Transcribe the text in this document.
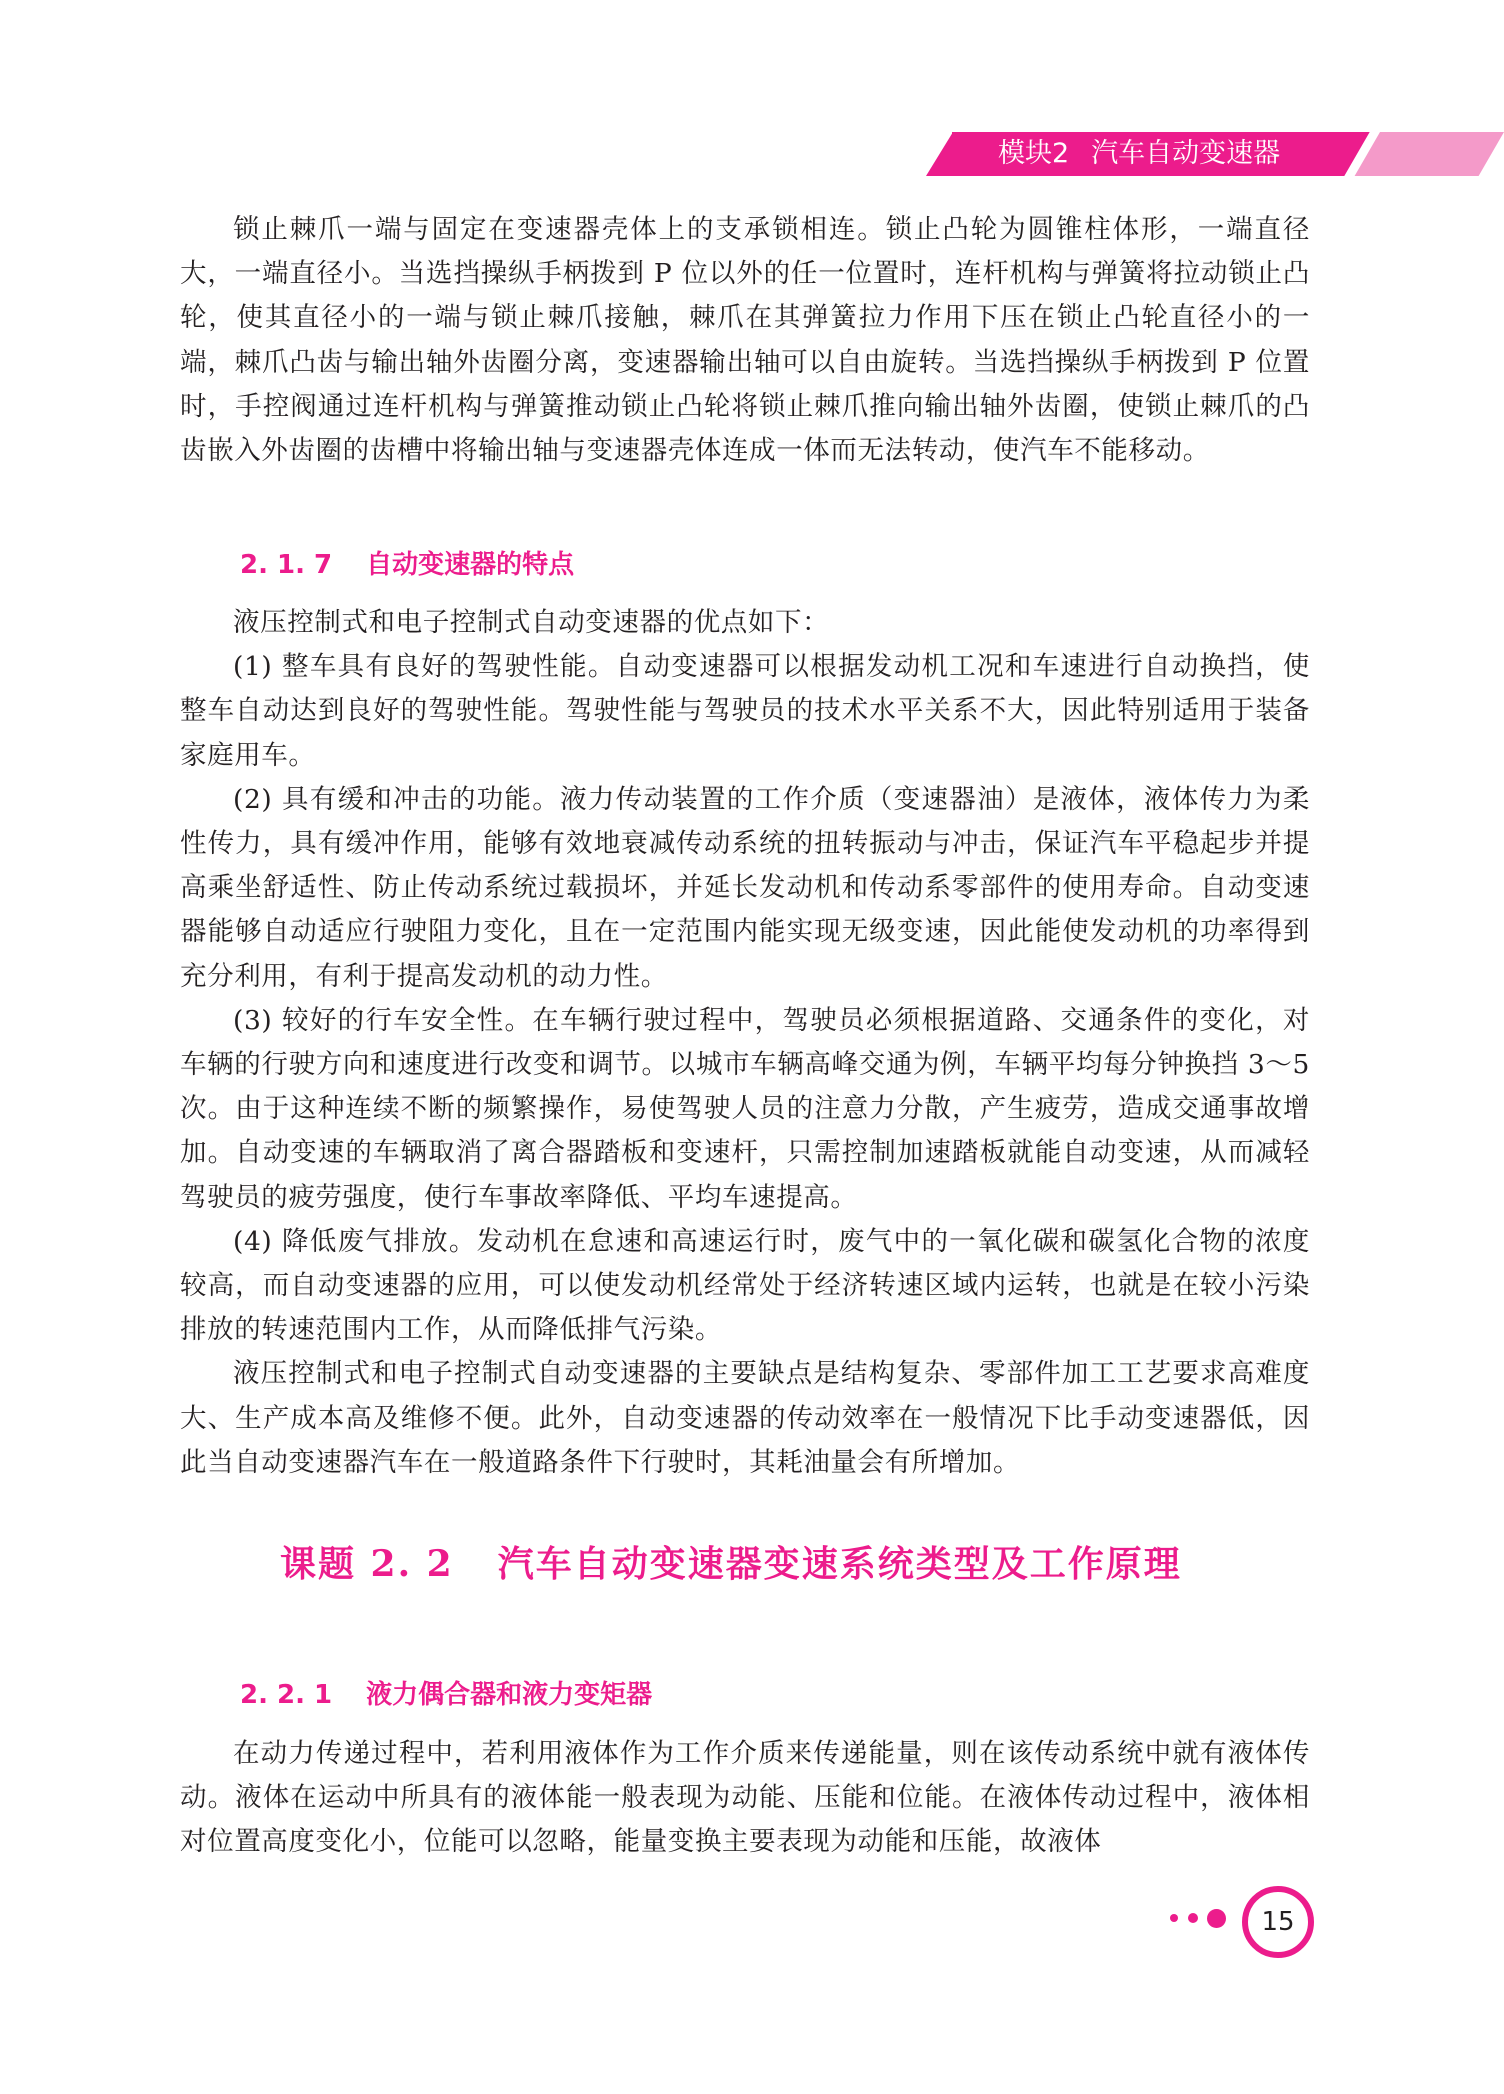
模块2 汽车自动变速器

锁止棘爪一端与固定在变速器壳体上的支承锁相连。锁止凸轮为圆锥柱体形，一端直径大，一端直径小。当选挡操纵手柄拨到 P 位以外的任一位置时，连杆机构与弹簧将拉动锁止凸轮，使其直径小的一端与锁止棘爪接触，棘爪在其弹簧拉力作用下压在锁止凸轮直径小的一端，棘爪凸齿与输出轴外齿圈分离，变速器输出轴可以自由旋转。当选挡操纵手柄拨到 P 位置时，手控阀通过连杆机构与弹簧推动锁止凸轮将锁止棘爪推向输出轴外齿圈，使锁止棘爪的凸齿嵌入外齿圈的齿槽中将输出轴与变速器壳体连成一体而无法转动，使汽车不能移动。

2. 1. 7 自动变速器的特点

液压控制式和电子控制式自动变速器的优点如下：

(1) 整车具有良好的驾驶性能。自动变速器可以根据发动机工况和车速进行自动换挡，使整车自动达到良好的驾驶性能。驾驶性能与驾驶员的技术水平关系不大，因此特别适用于装备家庭用车。

(2) 具有缓和冲击的功能。液力传动装置的工作介质（变速器油）是液体，液体传力为柔性传力，具有缓冲作用，能够有效地衰减传动系统的扭转振动与冲击，保证汽车平稳起步并提高乘坐舒适性、防止传动系统过载损坏，并延长发动机和传动系零部件的使用寿命。自动变速器能够自动适应行驶阻力变化，且在一定范围内能实现无级变速，因此能使发动机的功率得到充分利用，有利于提高发动机的动力性。

(3) 较好的行车安全性。在车辆行驶过程中，驾驶员必须根据道路、交通条件的变化，对车辆的行驶方向和速度进行改变和调节。以城市车辆高峰交通为例，车辆平均每分钟换挡 3～5 次。由于这种连续不断的频繁操作，易使驾驶人员的注意力分散，产生疲劳，造成交通事故增加。自动变速的车辆取消了离合器踏板和变速杆，只需控制加速踏板就能自动变速，从而减轻驾驶员的疲劳强度，使行车事故率降低、平均车速提高。

(4) 降低废气排放。发动机在怠速和高速运行时，废气中的一氧化碳和碳氢化合物的浓度较高，而自动变速器的应用，可以使发动机经常处于经济转速区域内运转，也就是在较小污染排放的转速范围内工作，从而降低排气污染。

液压控制式和电子控制式自动变速器的主要缺点是结构复杂、零部件加工工艺要求高难度大、生产成本高及维修不便。此外，自动变速器的传动效率在一般情况下比手动变速器低，因此当自动变速器汽车在一般道路条件下行驶时，其耗油量会有所增加。

课题 2. 2 汽车自动变速器变速系统类型及工作原理
2. 2. 1 液力偶合器和液力变矩器

在动力传递过程中，若利用液体作为工作介质来传递能量，则在该传动系统中就有液体传动。液体在运动中所具有的液体能一般表现为动能、压能和位能。在液体传动过程中，液体相对位置高度变化小，位能可以忽略，能量变换主要表现为动能和压能，故液体

15
